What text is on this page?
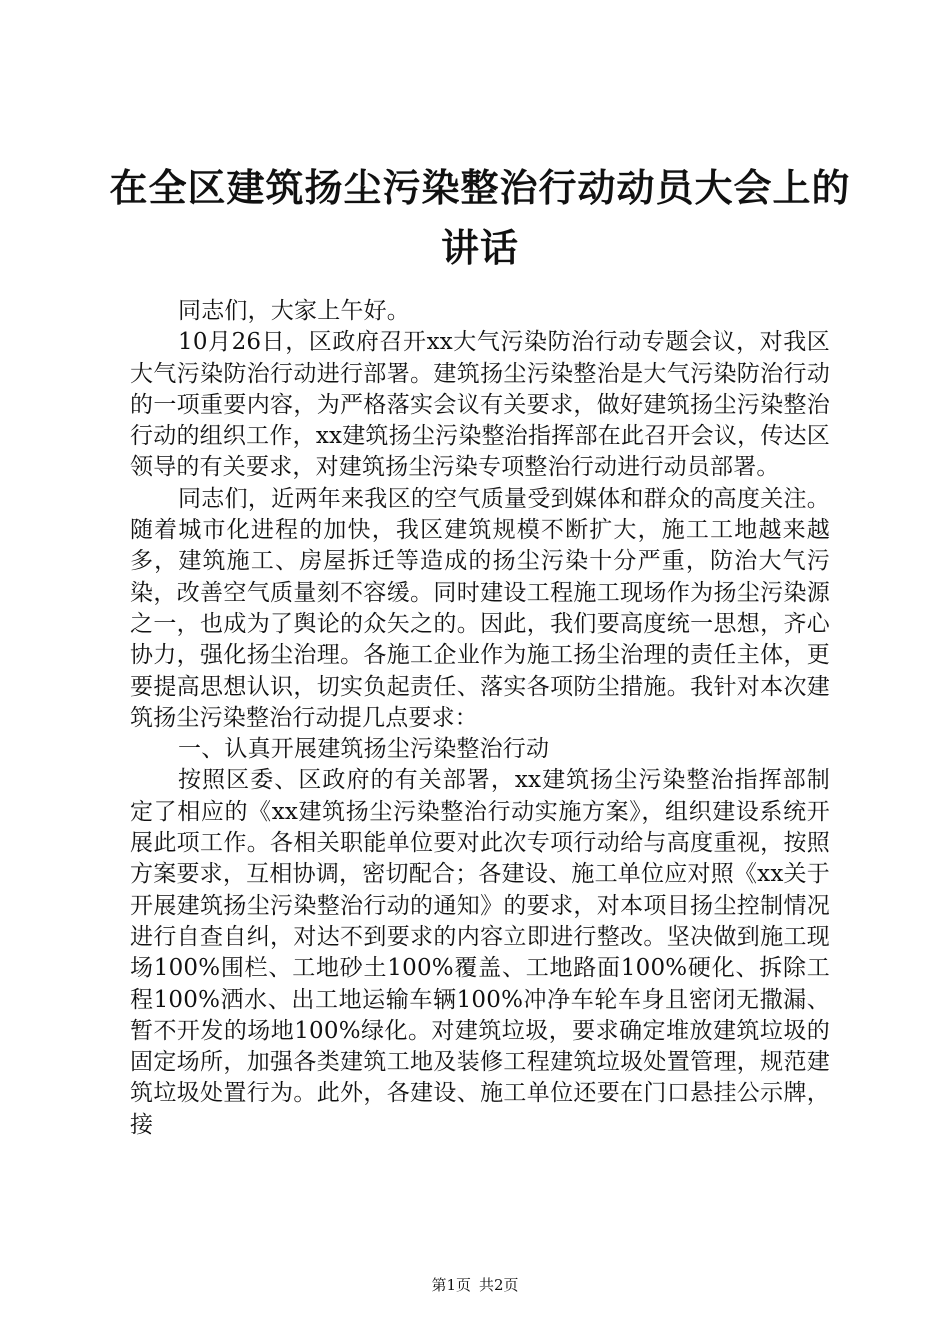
在全区建筑扬尘污染整治行动动员大会上的讲话

同志们，大家上午好。

10月26日，区政府召开xx大气污染防治行动专题会议，对我区大气污染防治行动进行部署。建筑扬尘污染整治是大气污染防治行动的一项重要内容，为严格落实会议有关要求，做好建筑扬尘污染整治行动的组织工作，xx建筑扬尘污染整治指挥部在此召开会议，传达区领导的有关要求，对建筑扬尘污染专项整治行动进行动员部署。

同志们，近两年来我区的空气质量受到媒体和群众的高度关注。随着城市化进程的加快，我区建筑规模不断扩大，施工工地越来越多，建筑施工、房屋拆迁等造成的扬尘污染十分严重，防治大气污染，改善空气质量刻不容缓。同时建设工程施工现场作为扬尘污染源之一，也成为了舆论的众矢之的。因此，我们要高度统一思想，齐心协力，强化扬尘治理。各施工企业作为施工扬尘治理的责任主体，更要提高思想认识，切实负起责任、落实各项防尘措施。我针对本次建筑扬尘污染整治行动提几点要求：

一、认真开展建筑扬尘污染整治行动

按照区委、区政府的有关部署，xx建筑扬尘污染整治指挥部制定了相应的《xx建筑扬尘污染整治行动实施方案》，组织建设系统开展此项工作。各相关职能单位要对此次专项行动给与高度重视，按照方案要求，互相协调，密切配合；各建设、施工单位应对照《xx关于开展建筑扬尘污染整治行动的通知》的要求，对本项目扬尘控制情况进行自查自纠，对达不到要求的内容立即进行整改。坚决做到施工现场100%围栏、工地砂土100%覆盖、工地路面100%硬化、拆除工程100%洒水、出工地运输车辆100%冲净车轮车身且密闭无撒漏、暂不开发的场地100%绿化。对建筑垃圾，要求确定堆放建筑垃圾的固定场所，加强各类建筑工地及装修工程建筑垃圾处置管理，规范建筑垃圾处置行为。此外，各建设、施工单位还要在门口悬挂公示牌，接

第1页 共2页
